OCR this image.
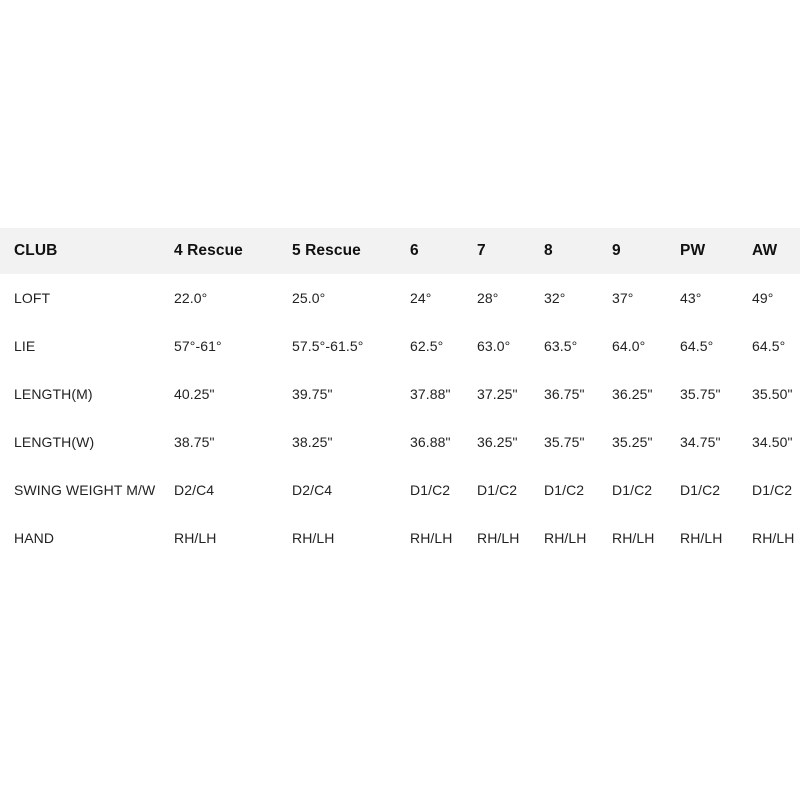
CLUB	4 Rescue	5 Rescue	6	7	8	9	PW	AW
LOFT	22.0°	25.0°	24°	28°	32°	37°	43°	49°
LIE	57°-61°	57.5°-61.5°	62.5° 63.0° 63.5° 64.0° 64.5°	64.5°
LENGTH(M)	40.25"	39.75"	37.88" 37.25" 36.75" 36.25" 35.75" 35.50"
LENGTH(W)	38.75"	38.25"	36.88" 36.25" 35.75" 35.25" 34.75" 34.50"
SWING WEIGHT M/W D2/C4	D2/C4	D1/C2 D1/C2 D1/C2 D1/C2 D1/C2 D1/C2
HAND	RH/LH	RH/LH	RH/LH RH/LH RH/LH RH/LH RH/LH RH/LH
